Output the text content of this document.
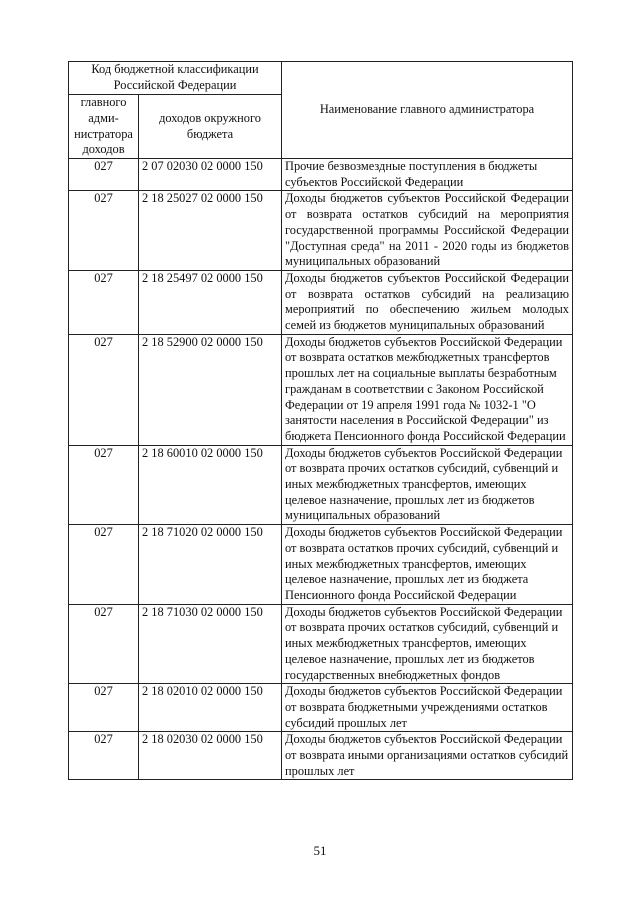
Код бюджетной классификации Российской Федерации		Наименование главного администратора
главного адми- нистратора доходов	доходов окружного бюджета	
027	2 07 02030 02 0000 150	Прочие безвозмездные поступления в бюджеты субъектов Российской Федерации
027	2 18 25027 02 0000 150	Доходы бюджетов субъектов Российской Федерации от возврата остатков субсидий на мероприятия государственной программы Российской Федерации "Доступная среда" на 2011 - 2020 годы из бюджетов муниципальных образований
027	2 18 25497 02 0000 150	Доходы бюджетов субъектов Российской Федерации от возврата остатков субсидий на реализацию мероприятий по обеспечению жильем молодых семей из бюджетов муниципальных образований
027	2 18 52900 02 0000 150	Доходы бюджетов субъектов Российской Федерации от возврата остатков межбюджетных трансфертов прошлых лет на социальные выплаты безработным гражданам в соответствии с Законом Российской Федерации от 19 апреля 1991 года № 1032-1 "О занятости населения в Российской Федерации" из бюджета Пенсионного фонда Российской Федерации
027	2 18 60010 02 0000 150	Доходы бюджетов субъектов Российской Федерации от возврата прочих остатков субсидий, субвенций и иных межбюджетных трансфертов, имеющих целевое назначение, прошлых лет из бюджетов муниципальных образований
027	2 18 71020 02 0000 150	Доходы бюджетов субъектов Российской Федерации от возврата остатков прочих субсидий, субвенций и иных межбюджетных трансфертов, имеющих целевое назначение, прошлых лет из бюджета Пенсионного фонда Российской Федерации
027	2 18 71030 02 0000 150	Доходы бюджетов субъектов Российской Федерации от возврата прочих остатков субсидий, субвенций и иных межбюджетных трансфертов, имеющих целевое назначение, прошлых лет из бюджетов государственных внебюджетных фондов
027	2 18 02010 02 0000 150	Доходы бюджетов субъектов Российской Федерации от возврата бюджетными учреждениями остатков субсидий прошлых лет
027	2 18 02030 02 0000 150	Доходы бюджетов субъектов Российской Федерации от возврата иными организациями остатков субсидий прошлых лет
51
